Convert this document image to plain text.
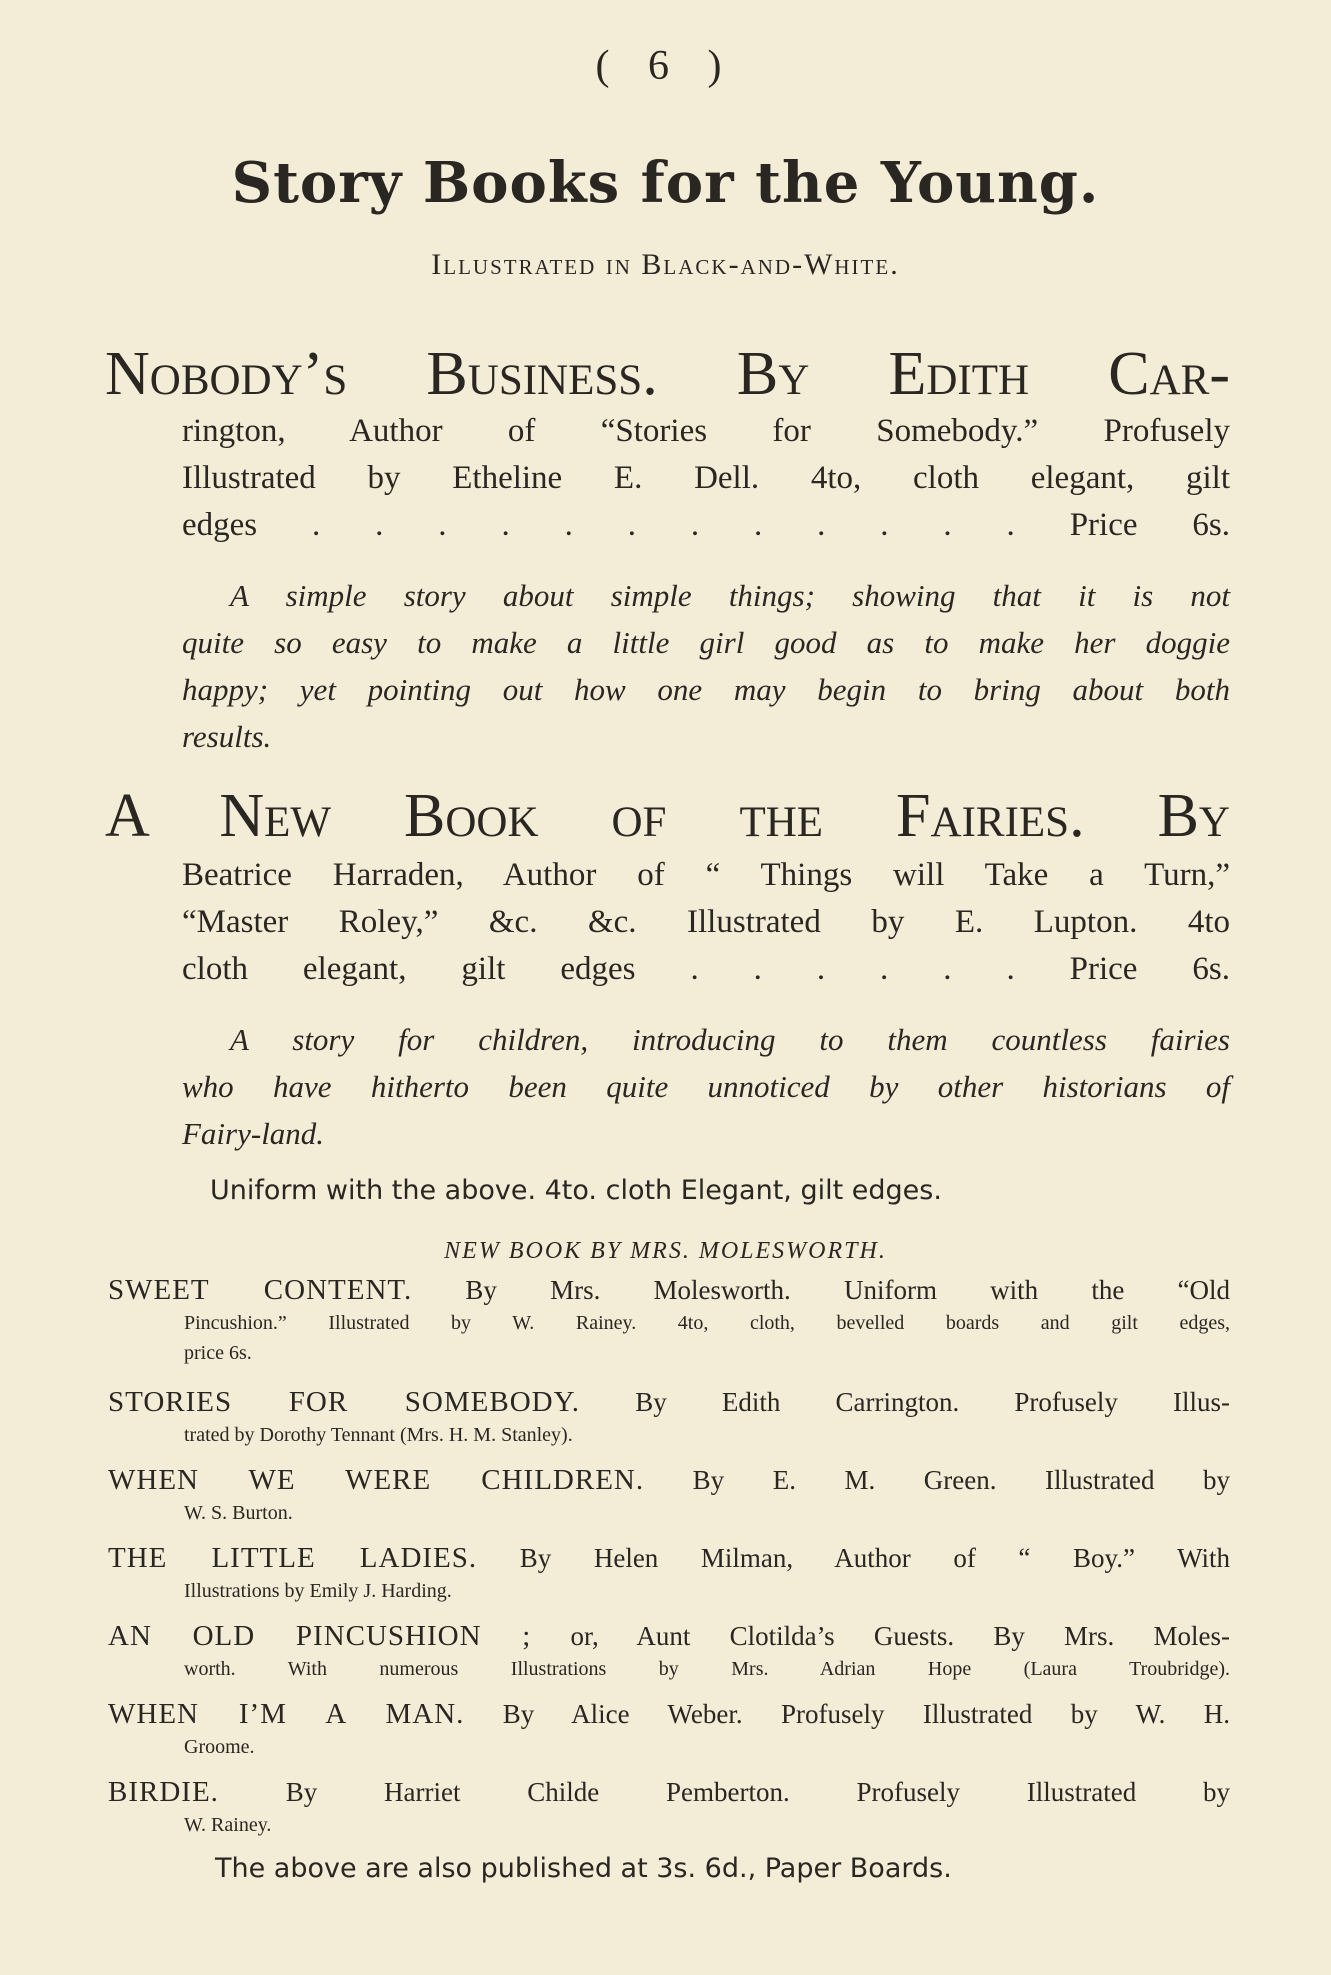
( 6 )
Story Books for the Young.
Illustrated in Black-and-White.
Nobody’s Business. By Edith Car-
rington, Author of “Stories for Somebody.” Profusely
Illustrated by Etheline E. Dell. 4to, cloth elegant, gilt
edges . . . . . . . . . . . . Price 6s.
A simple story about simple things; showing that it is not
quite so easy to make a little girl good as to make her doggie
happy; yet pointing out how one may begin to bring about both
results.
A New Book of the Fairies. By
Beatrice Harraden, Author of “ Things will Take a Turn,”
“Master Roley,” &c. &c. Illustrated by E. Lupton. 4to
cloth elegant, gilt edges . . . . . . Price 6s.
A story for children, introducing to them countless fairies
who have hitherto been quite unnoticed by other historians of
Fairy-land.
Uniform with the above. 4to. cloth Elegant, gilt edges.
NEW BOOK BY MRS. MOLESWORTH.
SWEET CONTENT. By Mrs. Molesworth. Uniform with the “Old
Pincushion.” Illustrated by W. Rainey. 4to, cloth, bevelled boards and gilt edges,
price 6s.
STORIES FOR SOMEBODY. By Edith Carrington. Profusely Illus-
trated by Dorothy Tennant (Mrs. H. M. Stanley).
WHEN WE WERE CHILDREN. By E. M. Green. Illustrated by
W. S. Burton.
THE LITTLE LADIES. By Helen Milman, Author of “ Boy.” With
Illustrations by Emily J. Harding.
AN OLD PINCUSHION ; or, Aunt Clotilda’s Guests. By Mrs. Moles-
worth. With numerous Illustrations by Mrs. Adrian Hope (Laura Troubridge).
WHEN I’M A MAN. By Alice Weber. Profusely Illustrated by W. H.
Groome.
BIRDIE. By Harriet Childe Pemberton. Profusely Illustrated by
W. Rainey.
The above are also published at 3s. 6d., Paper Boards.
